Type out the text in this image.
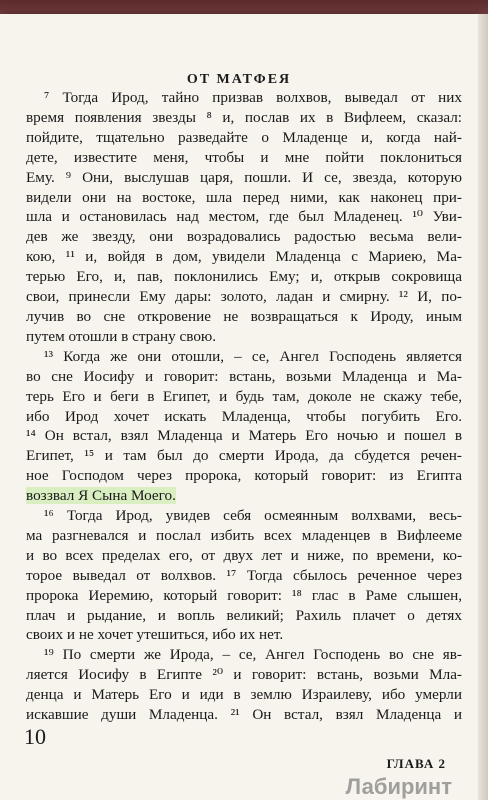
ОТ МАТФЕЯ
⁷ Тогда Ирод, тайно призвав волхвов, выведал от них
время появления звезды ⁸ и, послав их в Вифлеем, сказал:
пойдите, тщательно разведайте о Младенце и, когда най-
дете, известите меня, чтобы и мне пойти поклониться
Ему. ⁹ Они, выслушав царя, пошли. И се, звезда, которую
видели они на востоке, шла перед ними, как наконец при-
шла и остановилась над местом, где был Младенец. ¹⁰ Уви-
дев же звезду, они возрадовались радостью весьма вели-
кою, ¹¹ и, войдя в дом, увидели Младенца с Мариею, Ма-
терью Его, и, пав, поклонились Ему; и, открыв сокровища
свои, принесли Ему дары: золото, ладан и смирну. ¹² И, по-
лучив во сне откровение не возвращаться к Ироду, иным
путем отошли в страну свою.
¹³ Когда же они отошли, – се, Ангел Господень является
во сне Иосифу и говорит: встань, возьми Младенца и Ма-
терь Его и беги в Египет, и будь там, доколе не скажу тебе,
ибо Ирод хочет искать Младенца, чтобы погубить Его.
¹⁴ Он встал, взял Младенца и Матерь Его ночью и пошел в
Египет, ¹⁵ и там был до смерти Ирода, да сбудется речен-
ное Господом через пророка, который говорит: из Египта
воззвал Я Сына Моего.
¹⁶ Тогда Ирод, увидев себя осмеянным волхвами, весь-
ма разгневался и послал избить всех младенцев в Вифлееме
и во всех пределах его, от двух лет и ниже, по времени, ко-
торое выведал от волхвов. ¹⁷ Тогда сбылось реченное через
пророка Иеремию, который говорит: ¹⁸ глас в Раме слышен,
плач и рыдание, и вопль великий; Рахиль плачет о детях
своих и не хочет утешиться, ибо их нет.
¹⁹ По смерти же Ирода, – се, Ангел Господень во сне яв-
ляется Иосифу в Египте ²⁰ и говорит: встань, возьми Мла-
денца и Матерь Его и иди в землю Израилеву, ибо умерли
искавшие души Младенца. ²¹ Он встал, взял Младенца и
10
ГЛАВА 2
Лабиринт
